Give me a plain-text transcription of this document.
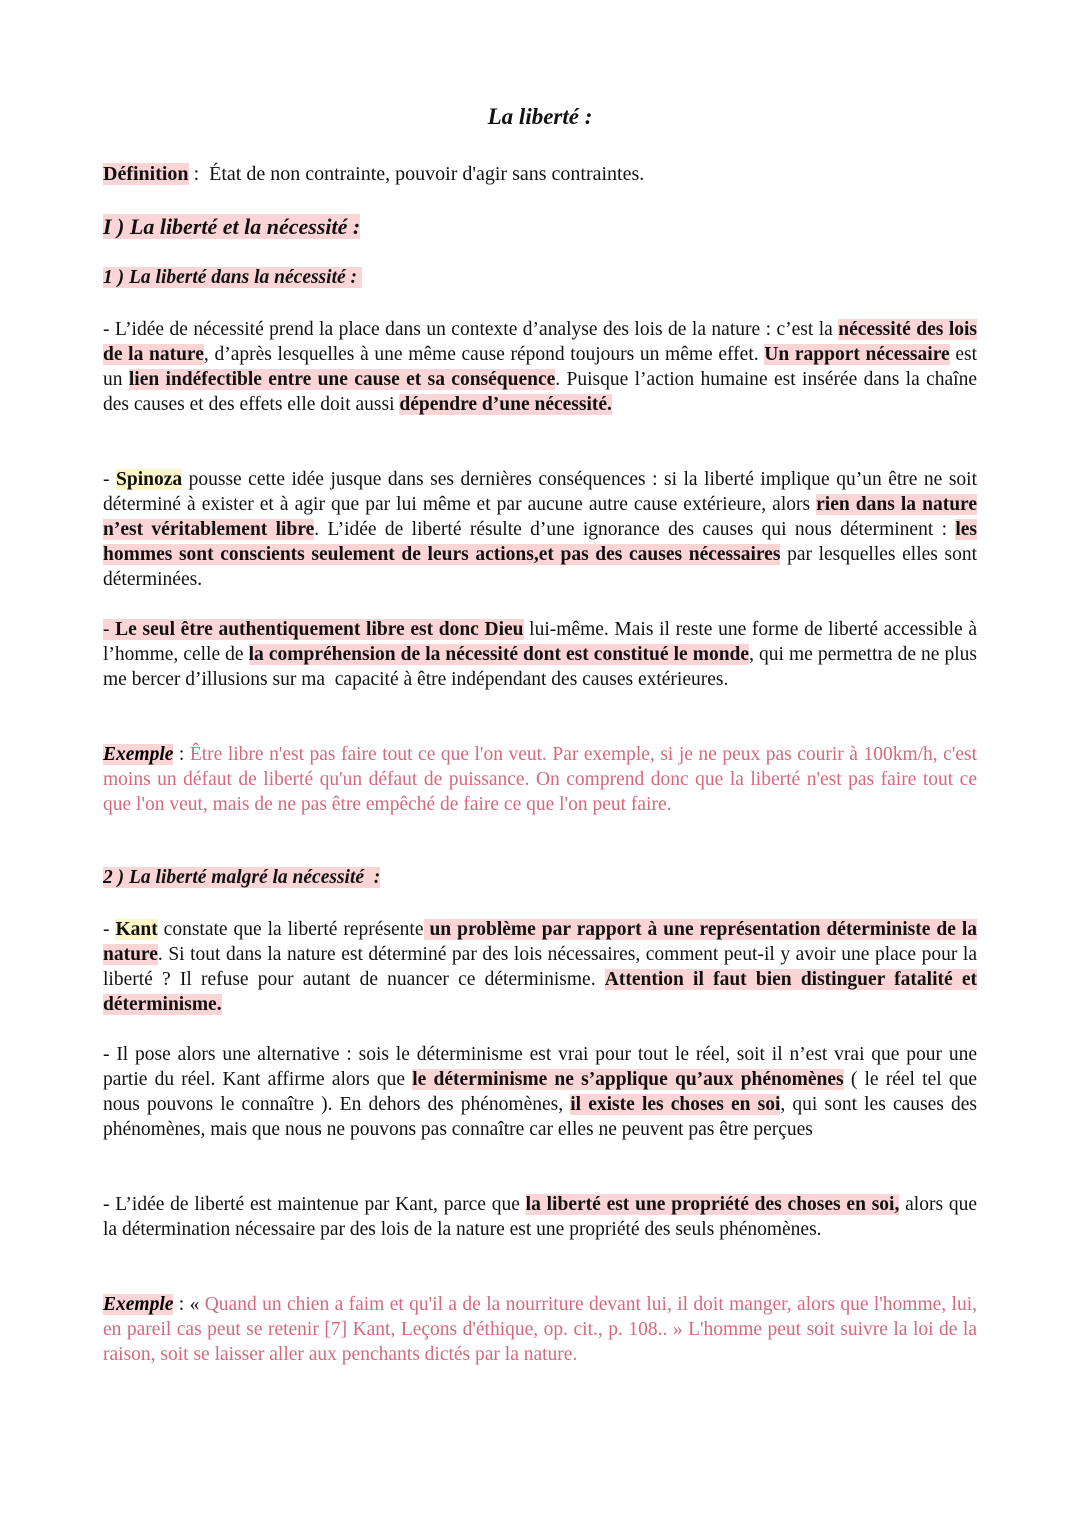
La liberté :
Définition :  État de non contrainte, pouvoir d'agir sans contraintes.
I ) La liberté et la nécessité :
1 ) La liberté dans la nécessité :
- L’idée de nécessité prend la place dans un contexte d’analyse des lois de la nature : c’est la nécessité des lois de la nature, d’après lesquelles à une même cause répond toujours un même effet. Un rapport nécessaire est un lien indéfectible entre une cause et sa conséquence. Puisque l’action humaine est insérée dans la chaîne des causes et des effets elle doit aussi dépendre d’une nécessité.
- Spinoza pousse cette idée jusque dans ses dernières conséquences : si la liberté implique qu’un être ne soit déterminé à exister et à agir que par lui même et par aucune autre cause extérieure, alors rien dans la nature n’est véritablement libre. L’idée de liberté résulte d’une ignorance des causes qui nous déterminent : les hommes sont conscients seulement de leurs actions,et pas des causes nécessaires par lesquelles elles sont déterminées.
- Le seul être authentiquement libre est donc Dieu lui-même. Mais il reste une forme de liberté accessible à l’homme, celle de la compréhension de la nécessité dont est constitué le monde, qui me permettra de ne plus me bercer d’illusions sur ma  capacité à être indépendant des causes extérieures.
Exemple : Être libre n'est pas faire tout ce que l'on veut. Par exemple, si je ne peux pas courir à 100km/h, c'est moins un défaut de liberté qu'un défaut de puissance. On comprend donc que la liberté n'est pas faire tout ce que l'on veut, mais de ne pas être empêché de faire ce que l'on peut faire.
2 ) La liberté malgré la nécessité  :
- Kant constate que la liberté représente un problème par rapport à une représentation déterministe de la nature. Si tout dans la nature est déterminé par des lois nécessaires, comment peut-il y avoir une place pour la liberté ? Il refuse pour autant de nuancer ce déterminisme. Attention il faut bien distinguer fatalité et déterminisme.
- Il pose alors une alternative : sois le déterminisme est vrai pour tout le réel, soit il n’est vrai que pour une partie du réel. Kant affirme alors que le déterminisme ne s’applique qu’aux phénomènes ( le réel tel que nous pouvons le connaître ). En dehors des phénomènes, il existe les choses en soi, qui sont les causes des phénomènes, mais que nous ne pouvons pas connaître car elles ne peuvent pas être perçues
- L’idée de liberté est maintenue par Kant, parce que la liberté est une propriété des choses en soi, alors que la détermination nécessaire par des lois de la nature est une propriété des seuls phénomènes.
Exemple : « Quand un chien a faim et qu'il a de la nourriture devant lui, il doit manger, alors que l'homme, lui, en pareil cas peut se retenir [7] Kant, Leçons d'éthique, op. cit., p. 108.. » L'homme peut soit suivre la loi de la raison, soit se laisser aller aux penchants dictés par la nature.
